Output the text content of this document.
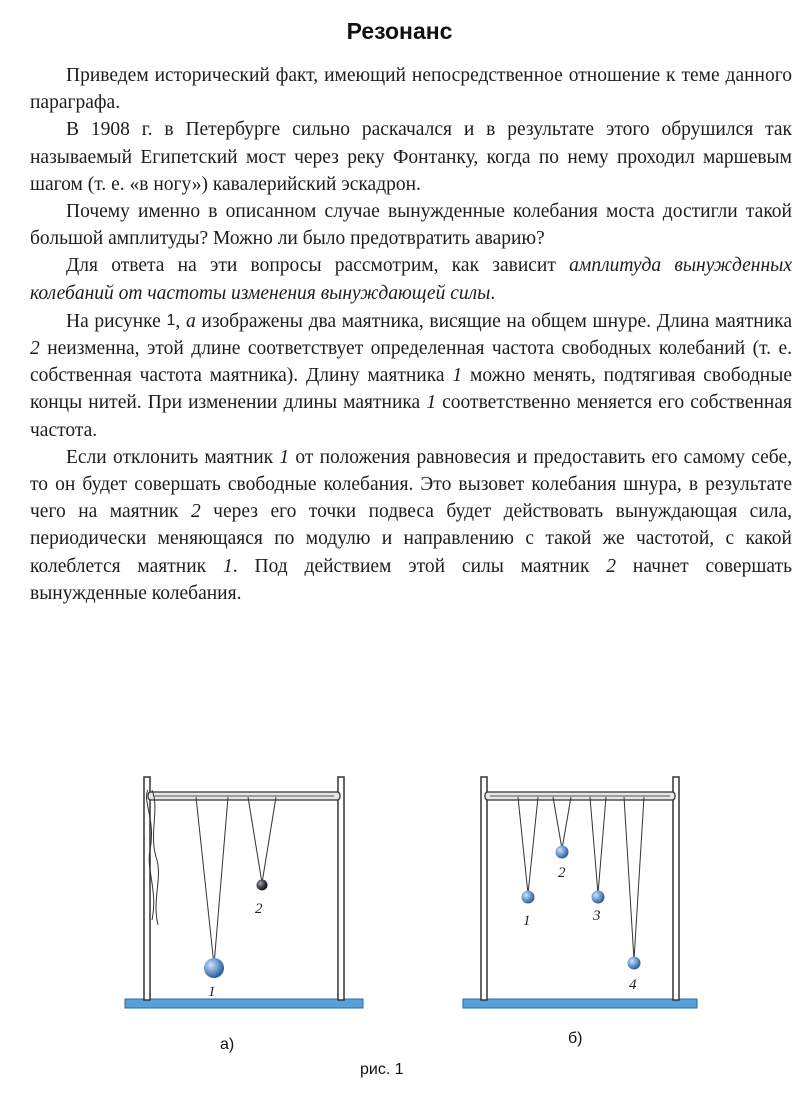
Резонанс

Приведем исторический факт, имеющий непосредственное отношение к теме данного параграфа.

В 1908 г. в Петербурге сильно раскачался и в результате этого обрушился так называемый Египетский мост через реку Фонтанку, когда по нему проходил маршевым шагом (т. е. «в ногу») кавалерийский эскадрон.

Почему именно в описанном случае вынужденные колебания моста достигли такой большой амплитуды? Можно ли было предотвратить аварию?

Для ответа на эти вопросы рассмотрим, как зависит амплитуда вынужденных колебаний от частоты изменения вынуждающей силы.

На рисунке 1, а изображены два маятника, висящие на общем шнуре. Длина маятника 2 неизменна, этой длине соответствует определенная частота свободных колебаний (т. е. собственная частота маятника). Длину маятника 1 можно менять, подтягивая свободные концы нитей. При изменении длины маятника 1 соответственно меняется его собственная частота.

Если отклонить маятник 1 от положения равновесия и предоставить его самому себе, то он будет совершать свободные колебания. Это вызовет колебания шнура, в результате чего на маятник 2 через его точки подвеса будет действовать вынуждающая сила, периодически меняющаяся по модулю и направлению с такой же частотой, с какой колеблется маятник 1. Под действием этой силы маятник 2 начнет совершать вынужденные колебания.

1
2
1
2
3
4
а)	б)
рис. 1
